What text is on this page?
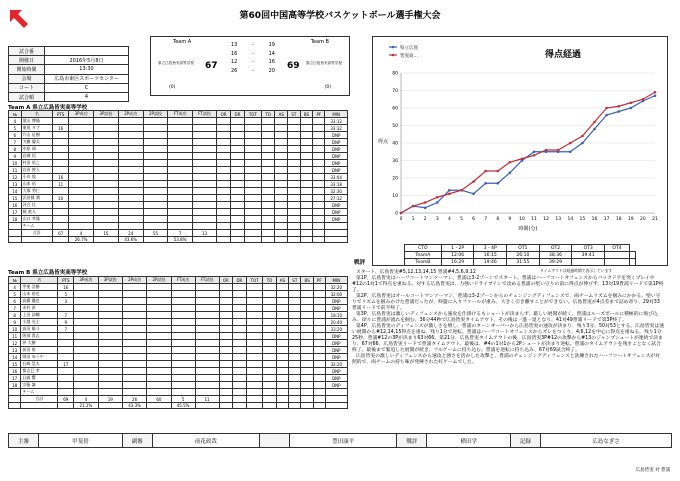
第60回中国高等学校バスケットボール選手権大会
試合番	
開催日	2016年5月8日
開始時間	13:30
会場	広島市東区スポーツセンター
コート	C
試合順	4
Team A	Team B
県立広島皆実高等学校	県立広島皆実高等学校
67	69
(0)	(0)
13	-	19
16	-	14
12	-	16
26	-	20
Team A 県立広島皆実高等学校
№	名	PTS	3P成功	3P試投	2P成功	2P試投	FT成功	FT試投	OR	DR	TOT	TO	AS	ST	BS	PF	MIN
4	葉山 博隆																33:12
5	東尾 タブ	16															33:32
6	片山 征樹																DNP
7	大樹 優太																DNP
8	中原 靖																DNP
9	岩城 悟																DNP
10	村田 祐之																DNP
11	岩田 綾人																DNP
12	小川 俊	16															33:04
13	山本 祐	11															33:18
14	大塚 秀仁																32:30
15	浜田健 潤	10															27:12
16	河合 壮																DNP
17	梶 竜人																DNP
18	山口 孝隆																DNP
	チーム																
	合計	67	4	15	24	55	7	13									
			26.7%		43.6%		53.8%										
Team B 県立広島皆実高等学校
№	名	PTS	3P成功	3P試投	2P成功	2P試投	FT成功	FT試投	OR	DR	TOT	TO	AS	ST	BS	PF	MIN
4	甲斐 浩樹	16															32:20
5	山本 裕也	5															32:00
6	高橋 優也	3															DNP
7	木村 真																DNP
8	上田 諒輔	7															18:10
9	小越 光士	9															20:40
10	高田 雄斗	7															33:20
11	阿部 貴志																DNP
12	沖 大樹																DNP
13	前田 侑																DNP
14	岡田 ゆうや																DNP
15	石崎 晃太	17															32:20
16	都志巳 孝																DNP
17	日浦 響																DNP
18	宗藤 謙																DNP
	チーム																
	合計	69	4	19	26	60	5	11									
			21.1%		43.3%		45.5%										
得点経過
0
10
20
30
40
50
60
70
80
0 1 2 3 4 5 6 7 8 9 10 11 12 13 14 15 16 17 18 19 20 21
時間(分)
得点
県立広島
皆実高…
CTO	1・2P	3・4P	OT1	OT2	OT3	OT4	
TeamA	12:06	16:15	26:10	38:36	39:41		
TeamB	16:29	19:46	31:55	39:29			
タイムアウトは経過時間で表示しています
戦評

スタート、広島皆実#5,12,13,14,15 豊浦#4,5,6,9,12

第1P、広島皆実はハーフコートマンツーマン、豊浦は3-2ゾーンでスタート。豊浦はハーフコートオフェンスからバックドアを突くプレイや#12の1対1で得点を重ねる。対する広島皆実は、力強いドライブインで攻める豊浦の堅い守りの前に得点が伸びず、13対19豊浦リードで第1P終了。

第2P、広島皆実はオールコートマンツーマン、豊浦は3-2ゾーンからのチェンジングディフェンスで、両チームリズムを掴みにかかる。堅い守りでリズムを掴みかけた豊浦だったが、終盤に入りファールが重み、大きく引き離すことができない。広島皆実が4点差まで詰め寄り、29対33豊浦リードで前半終了。

第3P、広島皆実は激しいディフェンスから速攻を仕掛けるもシュートが決まらず、厳しい展開が続く。豊浦はルーズボールに積極的に飛び込み、徐々に豊浦が流れを掴む。36分44秒で広島皆実タイムアウト、その後は一進一退となり、41対49豊浦リードで第3P終了。

第4P、広島皆実のディフェンスが激しさを増し、豊浦のターンオーバーから広島皆実の速攻が決まり、残り3分、50対53とする。広島皆実は速い展開から#12,14,15得点を重ね、残り1分で逆転。豊浦はハーフコートオフェンスからズレをつくり、4,6,12を中心に得点を重ねる。残り1分25秒、豊浦#12の3Pが決まり63対66。第21分、広島皆実タイムアウトの後、広島皆実3P#12の攻撃から#13のジャンプシュートが連続で決まり、67対66、広島皆実リードで豊浦タイムアウト。最後は、#4の1対1から2Pシュートが決まり逆転。豊浦のタイムアウトを残すことなく試合終了。最後まで緊迫した展開が続き、フルゲームに持ち込む。豊浦を逆転に持ち込み、67対69試合終了。

広島皆実の激しいディフェンスから速攻と強さを活かした攻撃と、豊浦のチェンジングディフェンスと洗練されたハーフコートオフェンスが対照的で、両チームの持ち味が発揮された好ゲームでした。

主審	甲斐傍	副審	前花政哉		豊田康平	戦評	横田学	記録	広島なぎさ
広島皆実 対 豊浦
